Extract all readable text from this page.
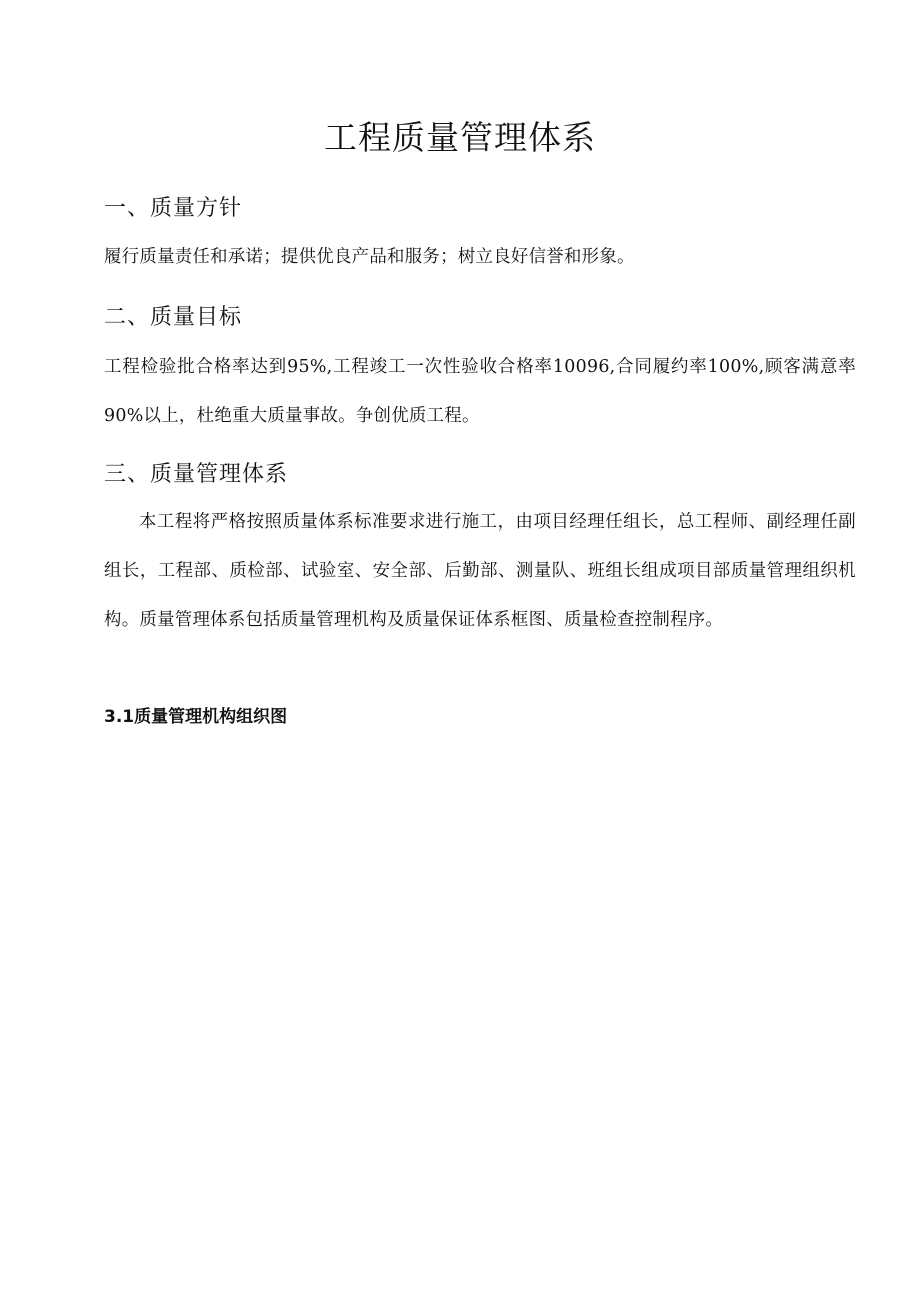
工程质量管理体系
一、质量方针

履行质量责任和承诺；提供优良产品和服务；树立良好信誉和形象。

二、质量目标

工程检验批合格率达到95%,工程竣工一次性验收合格率10096,合同履约率100%,顾客满意率90%以上，杜绝重大质量事故。争创优质工程。

三、质量管理体系

本工程将严格按照质量体系标准要求进行施工，由项目经理任组长，总工程师、副经理任副组长，工程部、质检部、试验室、安全部、后勤部、测量队、班组长组成项目部质量管理组织机构。质量管理体系包括质量管理机构及质量保证体系框图、质量检查控制程序。

3.1质量管理机构组织图
